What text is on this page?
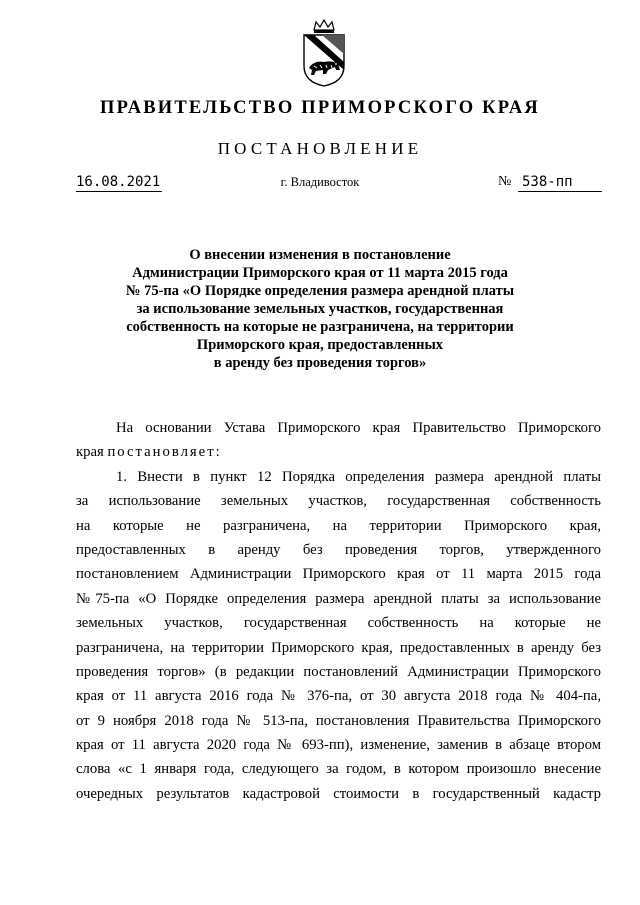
ПРАВИТЕЛЬСТВО ПРИМОРСКОГО КРАЯ
ПОСТАНОВЛЕНИЕ
16.08.2021	г. Владивосток	№ 538-пп
О внесении изменения в постановление
Администрации Приморского края от 11 марта 2015 года
№ 75-па «О Порядке определения размера арендной платы
за использование земельных участков, государственная
собственность на которые не разграничена, на территории
Приморского края, предоставленных
в аренду без проведения торгов»
На основании Устава Приморского края Правительство Приморского
края постановляет:
1. Внести в пункт 12 Порядка определения размера арендной платы
за использование земельных участков, государственная собственность
на которые не разграничена, на территории Приморского края,
предоставленных в аренду без проведения торгов, утвержденного
постановлением Администрации Приморского края от 11 марта 2015 года
№75-па «О Порядке определения размера арендной платы за использование
земельных участков, государственная собственность на которые не
разграничена, на территории Приморского края, предоставленных в аренду без
проведения торгов» (в редакции постановлений Администрации Приморского
края от 11 августа 2016 года № 376-па, от 30 августа 2018 года № 404-па,
от 9 ноября 2018 года № 513-па, постановления Правительства Приморского
края от 11 августа 2020 года № 693-пп), изменение, заменив в абзаце втором
слова «с 1 января года, следующего за годом, в котором произошло внесение
очередных результатов кадастровой стоимости в государственный кадастр
